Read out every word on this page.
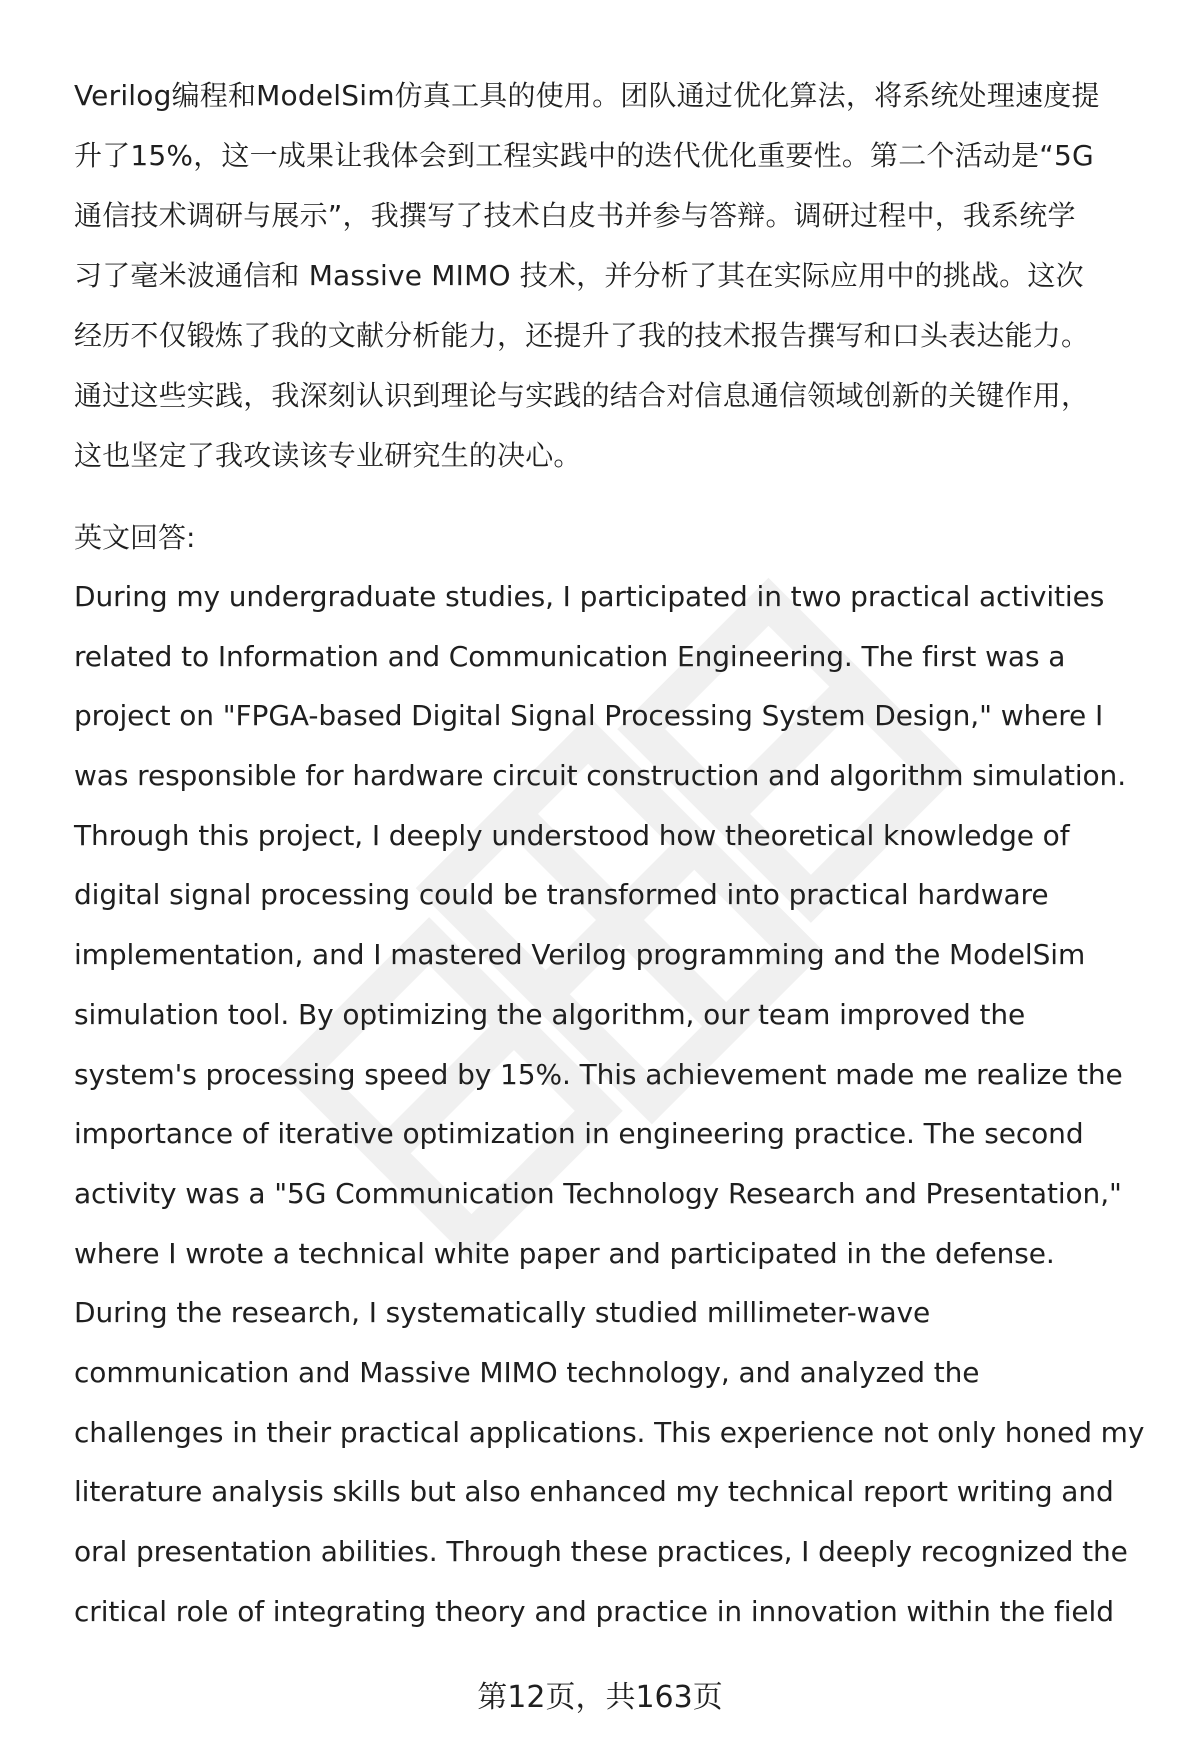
Verilog编程和ModelSim仿真工具的使用。团队通过优化算法，将系统处理速度提
升了15%，这一成果让我体会到工程实践中的迭代优化重要性。第二个活动是“5G
通信技术调研与展示”，我撰写了技术白皮书并参与答辩。调研过程中，我系统学
习了毫米波通信和 Massive MIMO 技术，并分析了其在实际应用中的挑战。这次
经历不仅锻炼了我的文献分析能力，还提升了我的技术报告撰写和口头表达能力。
通过这些实践，我深刻认识到理论与实践的结合对信息通信领域创新的关键作用，
这也坚定了我攻读该专业研究生的决心。
英文回答:
During my undergraduate studies, I participated in two practical activities
related to Information and Communication Engineering. The first was a
project on "FPGA-based Digital Signal Processing System Design," where I
was responsible for hardware circuit construction and algorithm simulation.
Through this project, I deeply understood how theoretical knowledge of
digital signal processing could be transformed into practical hardware
implementation, and I mastered Verilog programming and the ModelSim
simulation tool. By optimizing the algorithm, our team improved the
system's processing speed by 15%. This achievement made me realize the
importance of iterative optimization in engineering practice. The second
activity was a "5G Communication Technology Research and Presentation,"
where I wrote a technical white paper and participated in the defense.
During the research, I systematically studied millimeter-wave
communication and Massive MIMO technology, and analyzed the
challenges in their practical applications. This experience not only honed my
literature analysis skills but also enhanced my technical report writing and
oral presentation abilities. Through these practices, I deeply recognized the
critical role of integrating theory and practice in innovation within the field
第12页，共163页
